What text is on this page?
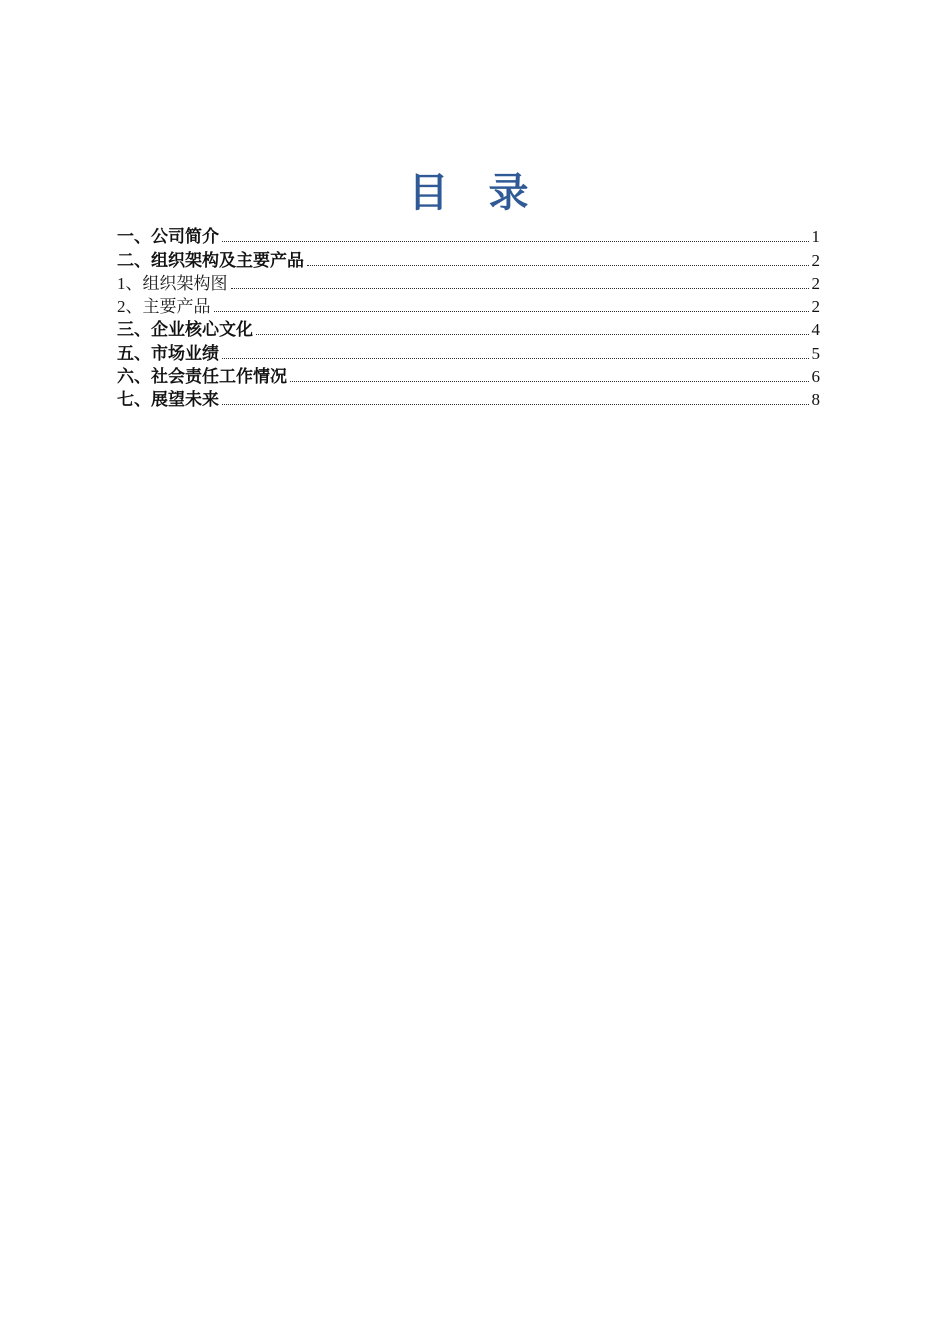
目　录
一、公司简介	1
二、组织架构及主要产品	2
1、组织架构图	2
2、主要产品	2
三、企业核心文化	4
五、市场业绩	5
六、社会责任工作情况	6
七、展望未来	8
